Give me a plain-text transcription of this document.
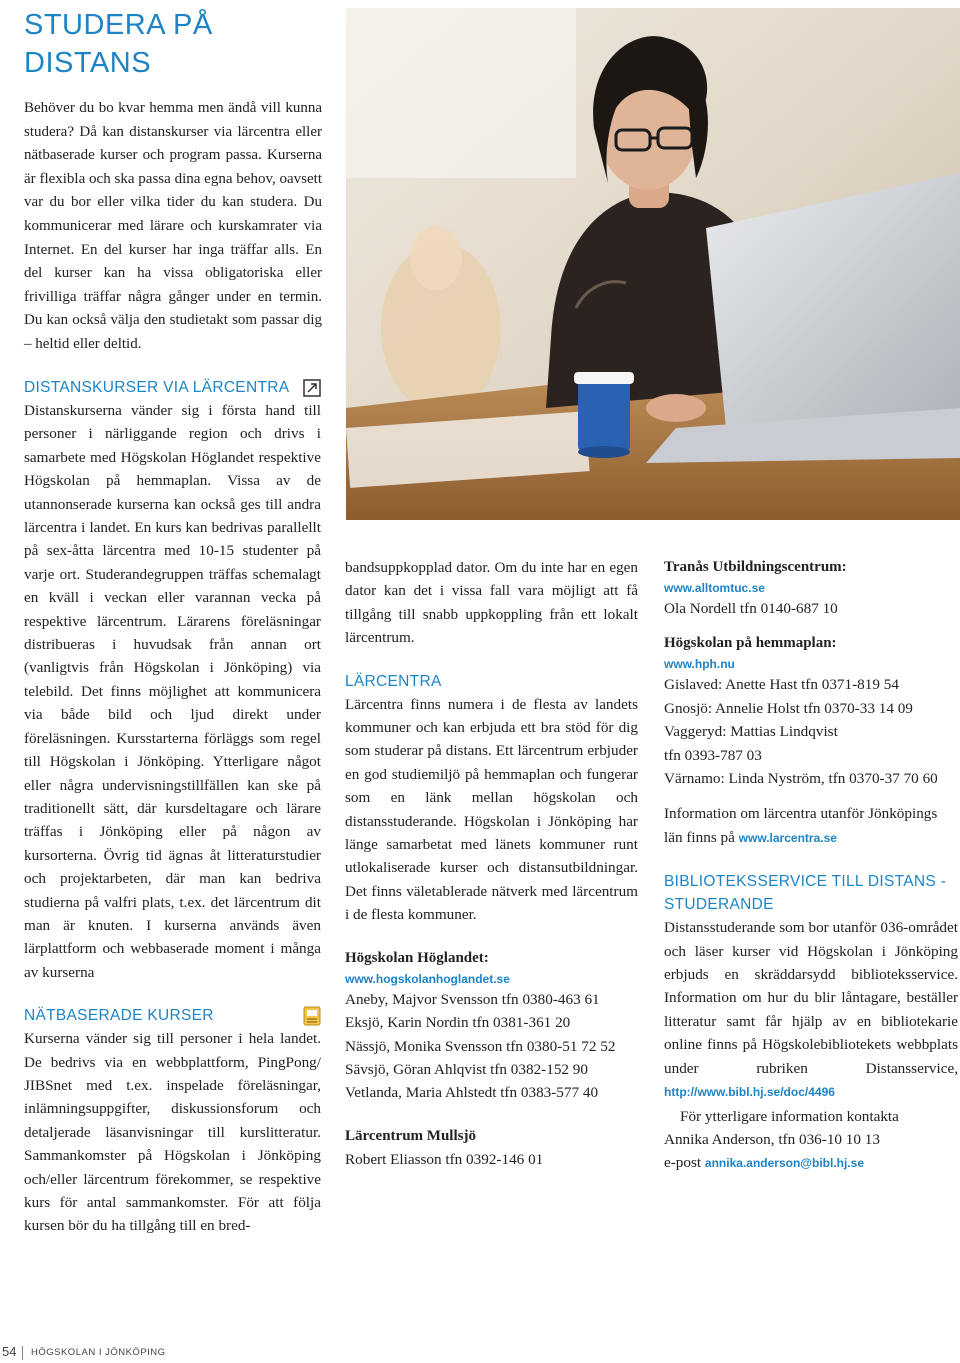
STUDERA PÅ
DISTANS

Behöver du bo kvar hemma men ändå vill kunna studera? Då kan distanskurser via lärcentra eller nätbaserade kurser och program passa. Kurserna är flexibla och ska passa dina egna behov, oavsett var du bor eller vilka tider du kan studera. Du kommunicerar med lärare och kurskamrater via Internet. En del kurser har inga träffar alls. En del kurser kan ha vissa obligatoriska eller frivilliga träffar några gånger under en termin. Du kan också välja den studietakt som passar dig – heltid eller deltid.

DISTANSKURSER VIA LÄRCENTRA

Distanskurserna vänder sig i första hand till personer i närliggande region och drivs i samarbete med Högskolan Höglandet respektive Högskolan på hemmaplan. Vissa av de utannonserade kurserna kan också ges till andra lärcentra i landet. En kurs kan bedrivas parallellt på sex-åtta lärcentra med 10-15 studenter på varje ort. Studerandegruppen träffas schemalagt en kväll i veckan eller varannan vecka på respektive lärcentrum. Lärarens föreläsningar distribueras i huvudsak från annan ort (vanligtvis från Högskolan i Jönköping) via telebild. Det finns möjlighet att kommunicera via både bild och ljud direkt under föreläsningen. Kursstarterna förläggs som regel till Högskolan i Jönköping. Ytterligare något eller några undervisningstillfällen kan ske på traditionellt sätt, där kursdeltagare och lärare träffas i Jönköping eller på någon av kursorterna. Övrig tid ägnas åt litteraturstudier och projektarbeten, där man kan bedriva studierna på valfri plats, t.ex. det lärcentrum dit man är knuten. I kurserna används även lärplattform och webbaserade moment i många av kurserna

NÄTBASERADE KURSER

Kurserna vänder sig till personer i hela landet. De bedrivs via en webbplattform, PingPong/ JIBSnet med t.ex. inspelade föreläsningar, inlämningsuppgifter, diskussionsforum och detaljerade läsanvisningar till kurslitteratur. Sammankomster på Högskolan i Jönköping och/eller lärcentrum förekommer, se respektive kurs för antal sammankomster. För att följa kursen bör du ha tillgång till en bred-

bandsuppkopplad dator. Om du inte har en egen dator kan det i vissa fall vara möjligt att få tillgång till snabb uppkoppling från ett lokalt lärcentrum.

LÄRCENTRA

Lärcentra finns numera i de flesta av landets kommuner och kan erbjuda ett bra stöd för dig som studerar på distans. Ett lärcentrum erbjuder en god studiemiljö på hemmaplan och fungerar som en länk mellan högskolan och distansstuderande. Högskolan i Jönköping har länge samarbetat med länets kommuner runt utlokaliserade kurser och distansutbildningar. Det finns väletablerade nätverk med lärcentrum i de flesta kommuner.

Högskolan Höglandet:
www.hogskolanhoglandet.se
Aneby, Majvor Svensson tfn 0380-463 61
Eksjö, Karin Nordin tfn 0381-361 20
Nässjö, Monika Svensson tfn 0380-51 72 52
Sävsjö, Göran Ahlqvist tfn 0382-152 90
Vetlanda, Maria Ahlstedt tfn 0383-577 40
Lärcentrum Mullsjö
Robert Eliasson tfn 0392-146 01
Tranås Utbildningscentrum:
www.alltomtuc.se
Ola Nordell tfn 0140-687 10
Högskolan på hemmaplan:
www.hph.nu
Gislaved: Anette Hast tfn 0371-819 54
Gnosjö: Annelie Holst tfn 0370-33 14 09
Vaggeryd: Mattias Lindqvist
tfn 0393-787 03
Värnamo: Linda Nyström, tfn 0370-37 70 60

Information om lärcentra utanför Jönköpings län finns på www.larcentra.se

BIBLIOTEKSSERVICE TILL DISTANS - STUDERANDE

Distansstuderande som bor utanför 036-området och läser kurser vid Högskolan i Jönköping erbjuds en skräddarsydd biblioteksservice. Information om hur du blir låntagare, beställer litteratur samt får hjälp av en bibliotekarie online finns på Högskolebibliotekets webbplats under rubriken Distansservice, http://www.bibl.hj.se/doc/4496

För ytterligare information kontakta

Annika Anderson, tfn 036-10 10 13
e-post annika.anderson@bibl.hj.se
54 HÖGSKOLAN I JÖNKÖPING
